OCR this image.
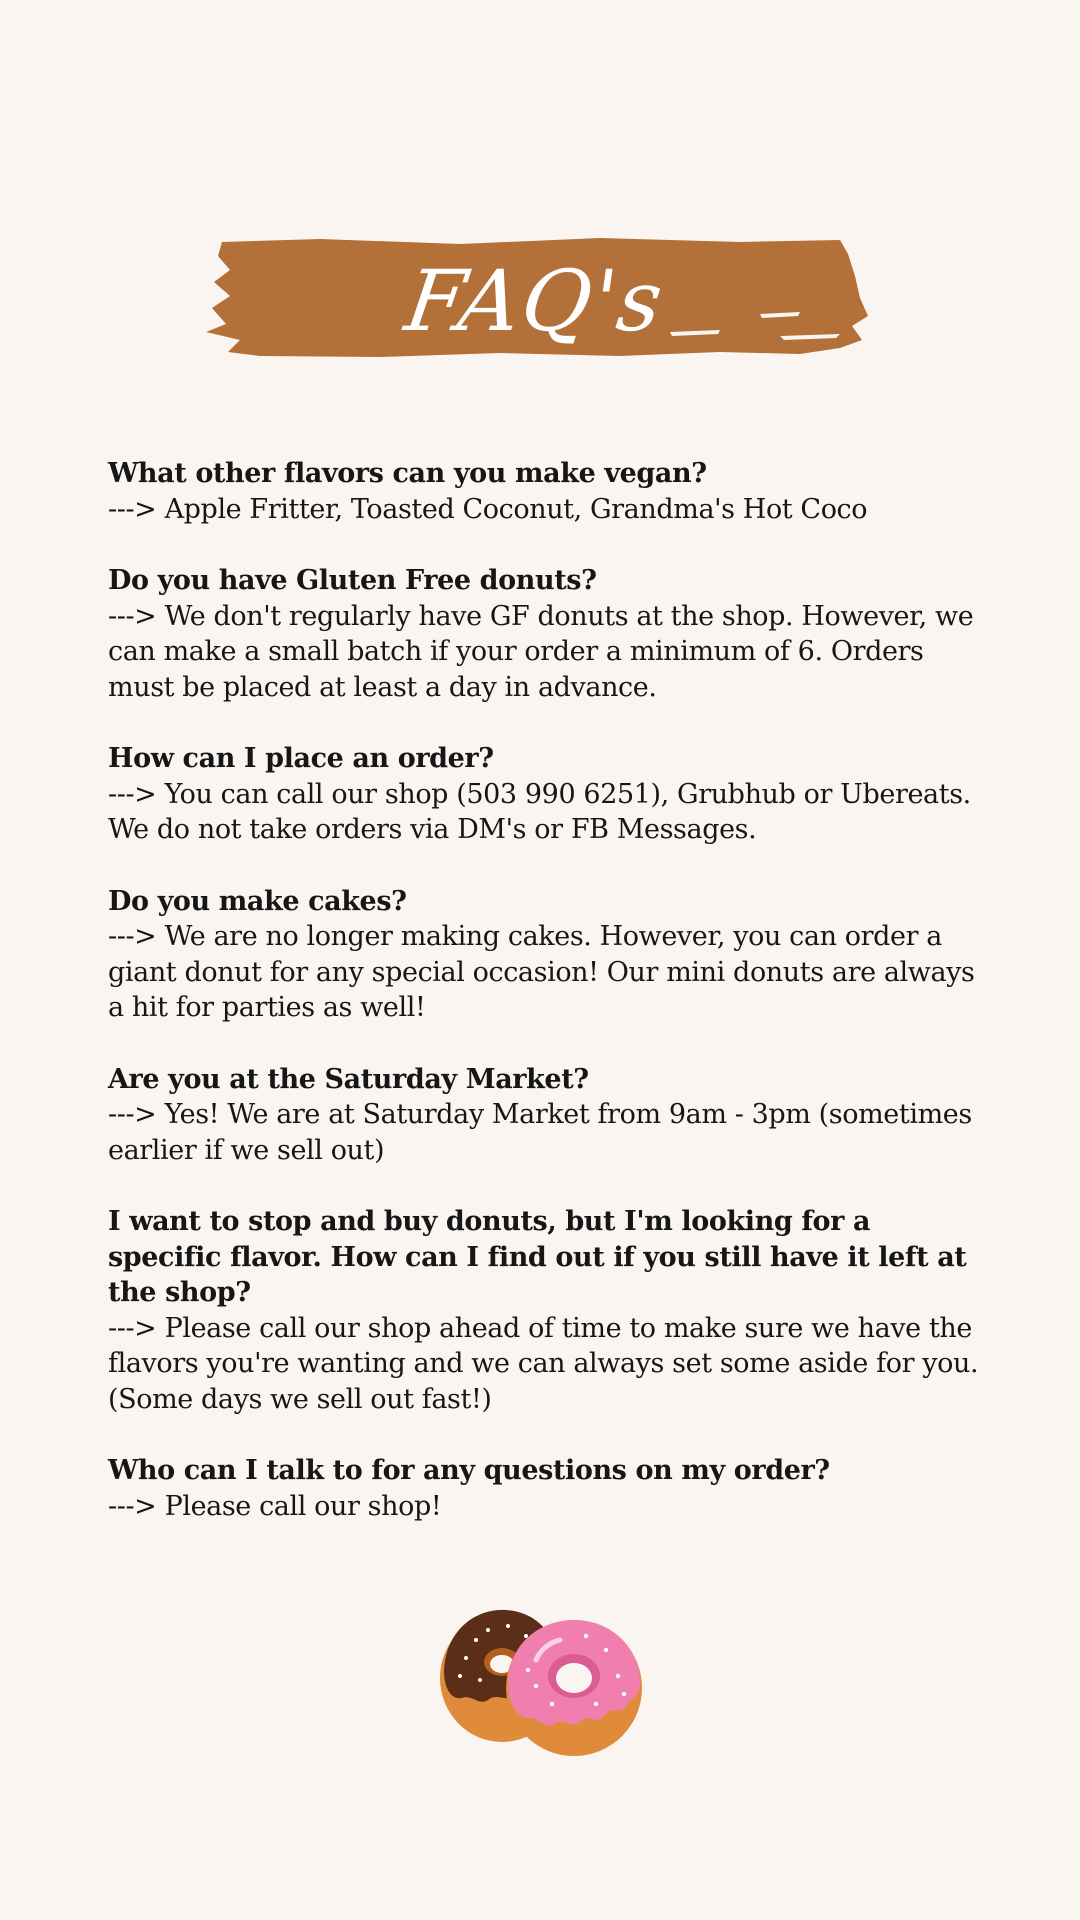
FAQ's

What other flavors can you make vegan?

---> Apple Fritter, Toasted Coconut, Grandma's Hot Coco

Do you have Gluten Free donuts?

---> We don't regularly have GF donuts at the shop. However, we can make a small batch if your order a minimum of 6. Orders must be placed at least a day in advance.

How can I place an order?

---> You can call our shop (503 990 6251), Grubhub or Ubereats. We do not take orders via DM's or FB Messages.

Do you make cakes?

---> We are no longer making cakes. However, you can order a giant donut for any special occasion! Our mini donuts are always a hit for parties as well!

Are you at the Saturday Market?

---> Yes! We are at Saturday Market from 9am - 3pm (sometimes earlier if we sell out)

I want to stop and buy donuts, but I'm looking for a specific flavor. How can I find out if you still have it left at the shop?

---> Please call our shop ahead of time to make sure we have the flavors you're wanting and we can always set some aside for you. (Some days we sell out fast!)

Who can I talk to for any questions on my order?

---> Please call our shop!
